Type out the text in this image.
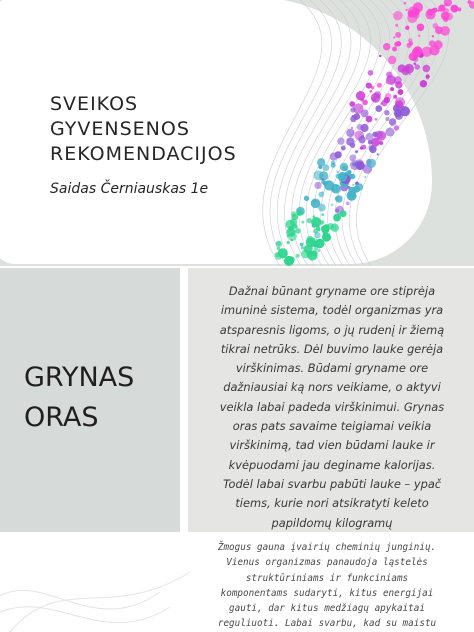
SVEIKOS
GYVENSENOS
REKOMENDACIJOS

Saidas Černiauskas 1e

GRYNAS
ORAS

Dažnai būnant gryname ore stiprėja
imuninė sistema, todėl organizmas yra
atsparesnis ligoms, o jų rudenį ir žiemą
tikrai netrūks. Dėl buvimo lauke gerėja
virškinimas. Būdami gryname ore
dažniausiai ką nors veikiame, o aktyvi
veikla labai padeda virškinimui. Grynas
oras pats savaime teigiamai veikia
virškinimą, tad vien būdami lauke ir
kvėpuodami jau deginame kalorijas.
Todėl labai svarbu pabūti lauke – ypač
tiems, kurie nori atsikratyti keleto
papildomų kilogramų

Žmogus gauna įvairių cheminių junginių.
Vienus organizmas panaudoja ląstelės
struktūriniams ir funkciniams
komponentams sudaryti, kitus energijai
gauti, dar kitus medžiagų apykaitai
reguliuoti. Labai svarbu, kad su maistu
